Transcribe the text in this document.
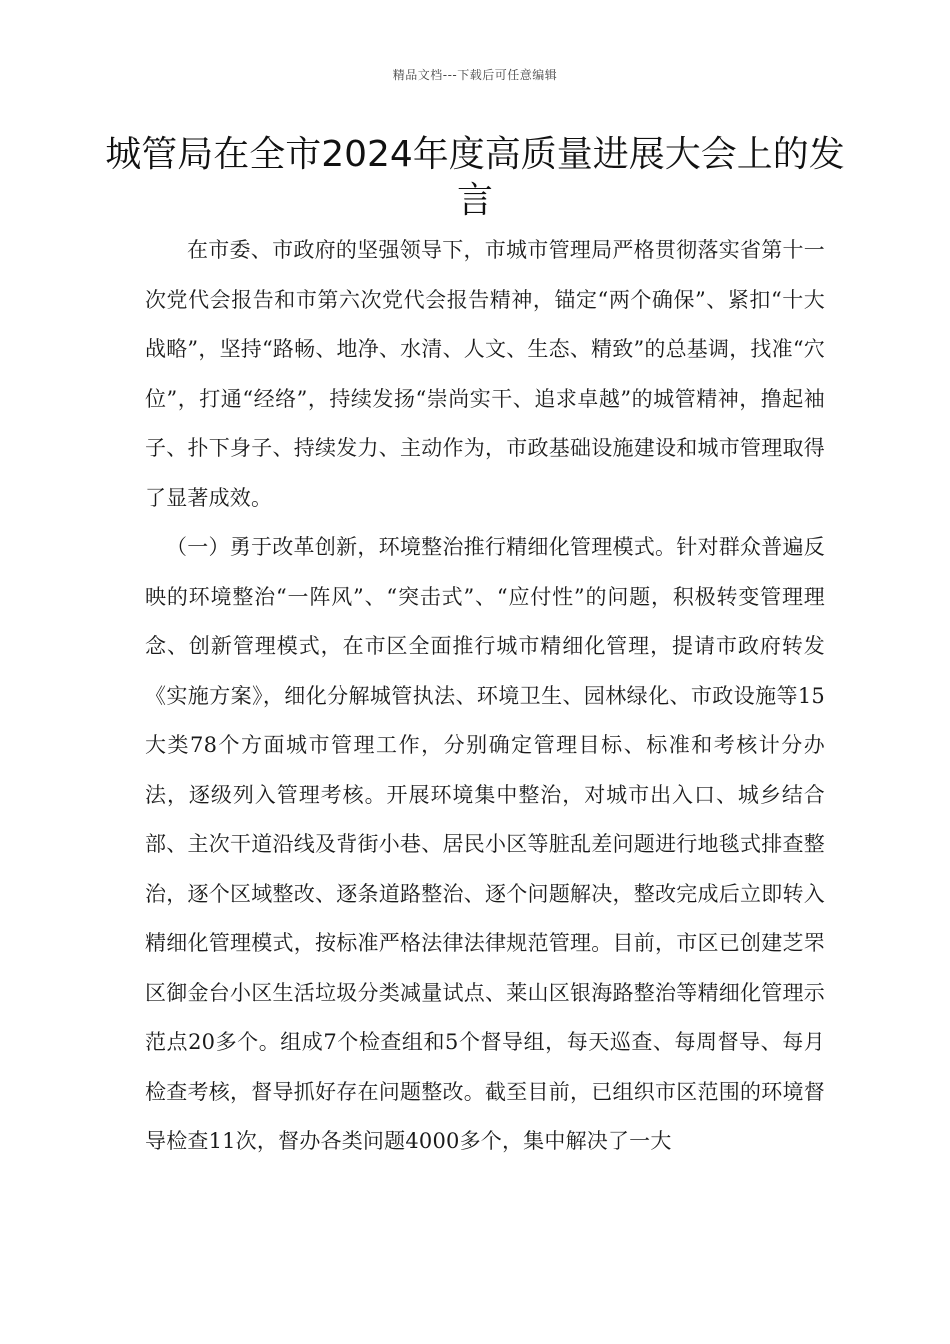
精品文档---下载后可任意编辑
城管局在全市2024年度高质量进展大会上的发言

在市委、市政府的坚强领导下，市城市管理局严格贯彻落实省第十一次党代会报告和市第六次党代会报告精神，锚定“两个确保”、紧扣“十大战略”，坚持“路畅、地净、水清、人文、生态、精致”的总基调，找准“穴位”，打通“经络”，持续发扬“崇尚实干、追求卓越”的城管精神，撸起袖子、扑下身子、持续发力、主动作为，市政基础设施建设和城市管理取得了显著成效。

（一）勇于改革创新，环境整治推行精细化管理模式。针对群众普遍反映的环境整治“一阵风”、“突击式”、“应付性”的问题，积极转变管理理念、创新管理模式，在市区全面推行城市精细化管理，提请市政府转发《实施方案》，细化分解城管执法、环境卫生、园林绿化、市政设施等15大类78个方面城市管理工作，分别确定管理目标、标准和考核计分办法，逐级列入管理考核。开展环境集中整治，对城市出入口、城乡结合部、主次干道沿线及背街小巷、居民小区等脏乱差问题进行地毯式排查整治，逐个区域整改、逐条道路整治、逐个问题解决，整改完成后立即转入精细化管理模式，按标准严格法律法律规范管理。目前，市区已创建芝罘区御金台小区生活垃圾分类减量试点、莱山区银海路整治等精细化管理示范点20多个。组成7个检查组和5个督导组，每天巡查、每周督导、每月检查考核，督导抓好存在问题整改。截至目前，已组织市区范围的环境督导检查11次，督办各类问题4000多个，集中解决了一大
